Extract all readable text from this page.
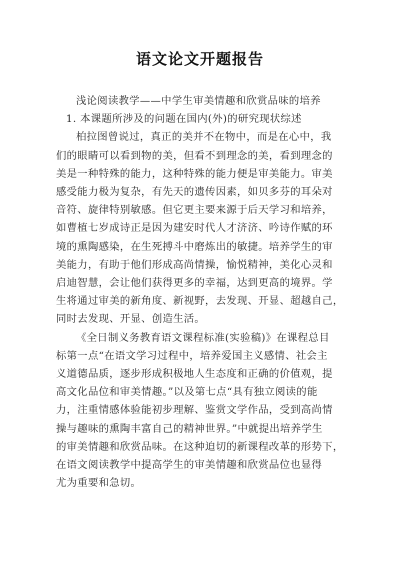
语文论文开题报告
浅论阅读教学——中学生审美情趣和欣赏品味的培养
1. 本课题所涉及的问题在国内(外)的研究现状综述
柏拉图曾说过，真正的美并不在物中，而是在心中，我
们的眼睛可以看到物的美，但看不到理念的美，看到理念的
美是一种特殊的能力，这种特殊的能力便是审美能力。审美
感受能力极为复杂，有先天的遗传因素，如贝多芬的耳朵对
音符、旋律特别敏感。但它更主要来源于后天学习和培养，
如曹植七岁成诗正是因为建安时代人才济济、吟诗作赋的环
境的熏陶感染，在生死搏斗中磨炼出的敏捷。培养学生的审
美能力，有助于他们形成高尚情操，愉悦精神，美化心灵和
启迪智慧，会让他们获得更多的幸福，达到更高的境界。学
生将通过审美的新角度、新视野，去发现、开显、超越自己，
同时去发现、开显、创造生活。
《全日制义务教育语文课程标准(实验稿)》在课程总目
标第一点“在语文学习过程中，培养爱国主义感情、社会主
义道德品质，逐步形成积极地人生态度和正确的价值观，提
高文化品位和审美情趣。”以及第七点“具有独立阅读的能
力，注重情感体验能初步理解、鉴赏文学作品，受到高尚情
操与趣味的熏陶丰富自己的精神世界。”中就提出培养学生
的审美情趣和欣赏品味。在这种迫切的新课程改革的形势下，
在语文阅读教学中提高学生的审美情趣和欣赏品位也显得
尤为重要和急切。
